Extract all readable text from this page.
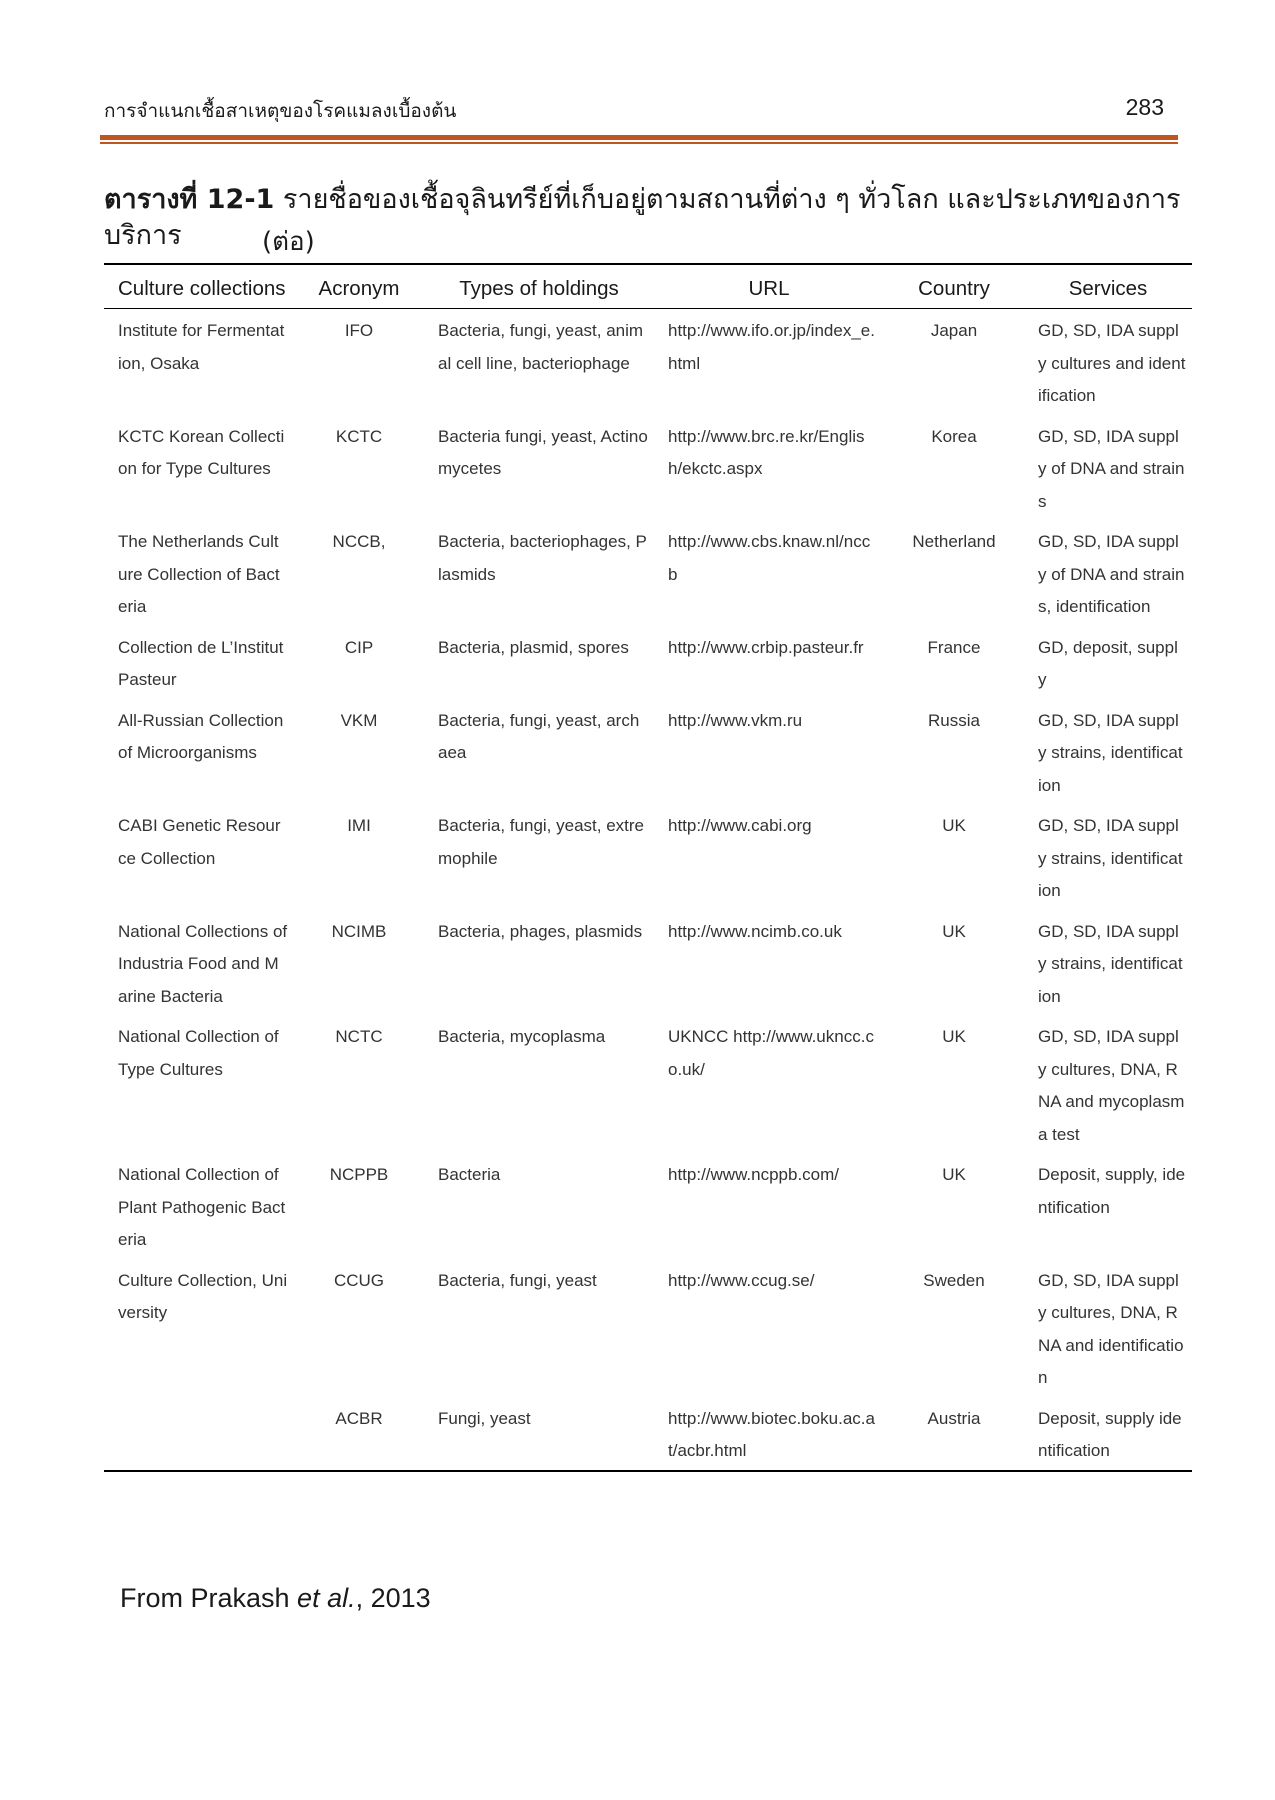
การจำแนกเชื้อสาเหตุของโรคแมลงเบื้องต้น	283
ตารางที่ 12-1 รายชื่อของเชื้อจุลินทรีย์ที่เก็บอยู่ตามสถานที่ต่าง ๆ ทั่วโลก และประเภทของการบริการ	(ต่อ)
Culture collections	Acronym	Types of holdings	URL	Country	Services
Institute for Fermentation, Osaka	IFO	Bacteria, fungi, yeast, animal cell line, bacteriophage	http://www.ifo.or.jp/index_e.html	Japan	GD, SD, IDA supply cultures and identification
KCTC Korean Collection for Type Cultures	KCTC	Bacteria fungi, yeast, Actinomycetes	http://www.brc.re.kr/English/ekctc.aspx	Korea	GD, SD, IDA supply of DNA and strains
The Netherlands Culture Collection of Bacteria	NCCB,	Bacteria, bacteriophages, Plasmids	http://www.cbs.knaw.nl/nccb	Netherland	GD, SD, IDA supply of DNA and strains, identification
Collection de L’Institut Pasteur	CIP	Bacteria, plasmid, spores	http://www.crbip.pasteur.fr	France	GD, deposit, supply
All-Russian Collection of Microorganisms	VKM	Bacteria, fungi, yeast, archaea	http://www.vkm.ru	Russia	GD, SD, IDA supply strains, identification
CABI Genetic Resource Collection	IMI	Bacteria, fungi, yeast, extremophile	http://www.cabi.org	UK	GD, SD, IDA supply strains, identification
National Collections of Industria Food and Marine Bacteria	NCIMB	Bacteria, phages, plasmids	http://www.ncimb.co.uk	UK	GD, SD, IDA supply strains, identification
National Collection of Type Cultures	NCTC	Bacteria, mycoplasma	UKNCC http://www.ukncc.co.uk/	UK	GD, SD, IDA supply cultures, DNA, RNA and mycoplasma test
National Collection of Plant Pathogenic Bacteria	NCPPB	Bacteria	http://www.ncppb.com/	UK	Deposit, supply, identification
Culture Collection, University	CCUG	Bacteria, fungi, yeast	http://www.ccug.se/	Sweden	GD, SD, IDA supply cultures, DNA, RNA and identification
	ACBR	Fungi, yeast	http://www.biotec.boku.ac.at/acbr.html	Austria	Deposit, supply identification
From Prakash et al., 2013
